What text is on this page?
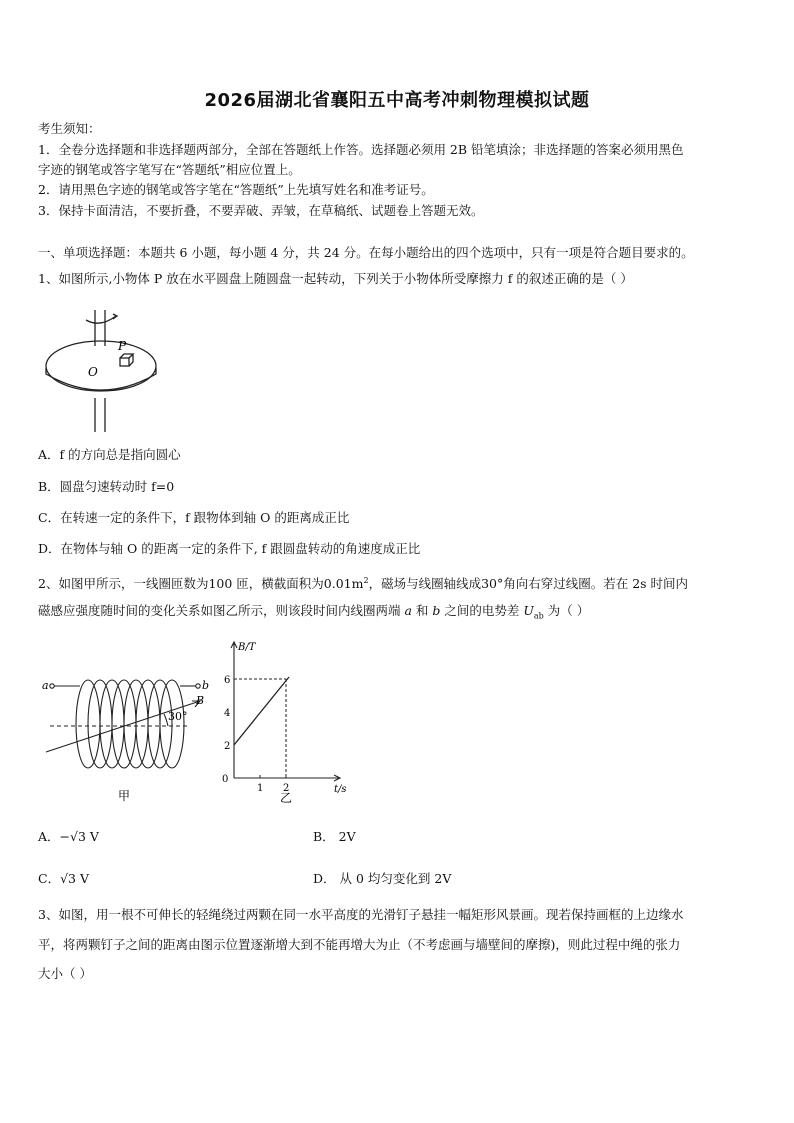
2026届湖北省襄阳五中高考冲刺物理模拟试题
考生须知：
1．全卷分选择题和非选择题两部分，全部在答题纸上作答。选择题必须用 2B 铅笔填涂；非选择题的答案必须用黑色
字迹的钢笔或答字笔写在“答题纸”相应位置上。
2．请用黑色字迹的钢笔或答字笔在“答题纸”上先填写姓名和准考证号。
3．保持卡面清洁，不要折叠，不要弄破、弄皱，在草稿纸、试题卷上答题无效。
一、单项选择题：本题共 6 小题，每小题 4 分，共 24 分。在每小题给出的四个选项中，只有一项是符合题目要求的。
1、如图所示,小物体 P 放在水平圆盘上随圆盘一起转动，下列关于小物体所受摩擦力 f 的叙述正确的是（ ）
P
O
A．f 的方向总是指向圆心
B．圆盘匀速转动时 f=0
C．在转速一定的条件下，f 跟物体到轴 O 的距离成正比
D．在物体与轴 O 的距离一定的条件下, f 跟圆盘转动的角速度成正比
2、如图甲所示，一线圈匝数为100 匝，横截面积为$0.01m^2$，磁场与线圈轴线成30°角向右穿过线圈。若在 2s 时间内
磁感应强度随时间的变化关系如图乙所示，则该段时间内线圈两端 a 和 b 之间的电势差 $U_{ab}$ 为（ ）
a	b
B
30°
甲
2
4
6
1 2
B/T
t/s
0
乙
A．−√3 V	B． 2V
C．√3 V	D． 从 0 均匀变化到 2V
3、如图，用一根不可伸长的轻绳绕过两颗在同一水平高度的光滑钉子悬挂一幅矩形风景画。现若保持画框的上边缘水
平，将两颗钉子之间的距离由图示位置逐渐增大到不能再增大为止（不考虑画与墙壁间的摩擦)，则此过程中绳的张力
大小（ ）
